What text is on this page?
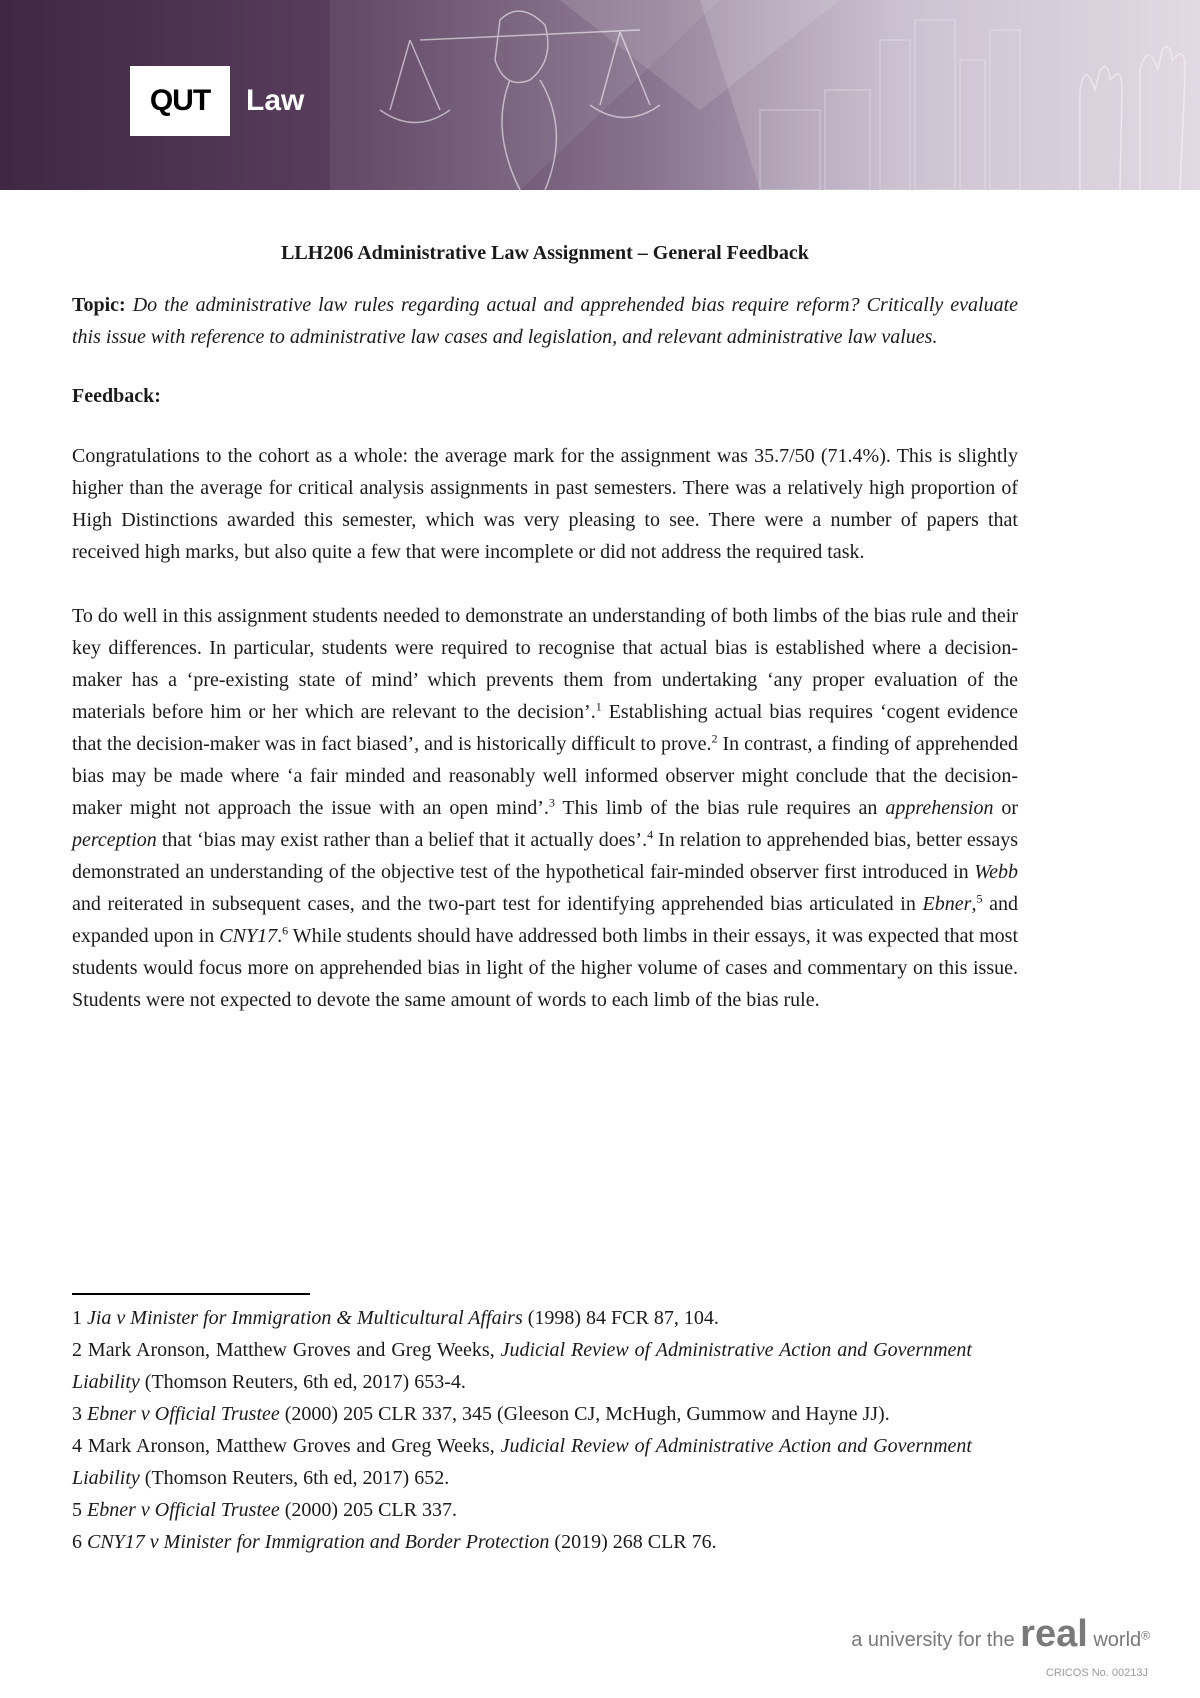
QUT	Law
LLH206 Administrative Law Assignment – General Feedback

Topic: Do the administrative law rules regarding actual and apprehended bias require reform? Critically evaluate this issue with reference to administrative law cases and legislation, and relevant administrative law values.

Feedback:

Congratulations to the cohort as a whole: the average mark for the assignment was 35.7/50 (71.4%). This is slightly higher than the average for critical analysis assignments in past semesters. There was a relatively high proportion of High Distinctions awarded this semester, which was very pleasing to see. There were a number of papers that received high marks, but also quite a few that were incomplete or did not address the required task.

To do well in this assignment students needed to demonstrate an understanding of both limbs of the bias rule and their key differences. In particular, students were required to recognise that actual bias is established where a decision-maker has a ‘pre-existing state of mind’ which prevents them from undertaking ‘any proper evaluation of the materials before him or her which are relevant to the decision’.$^1$ Establishing actual bias requires ‘cogent evidence that the decision-maker was in fact biased’, and is historically difficult to prove.$^2$ In contrast, a finding of apprehended bias may be made where ‘a fair minded and reasonably well informed observer might conclude that the decision-maker might not approach the issue with an open mind’.$^3$ This limb of the bias rule requires an apprehension or perception that ‘bias may exist rather than a belief that it actually does’.$^4$ In relation to apprehended bias, better essays demonstrated an understanding of the objective test of the hypothetical fair-minded observer first introduced in Webb and reiterated in subsequent cases, and the two-part test for identifying apprehended bias articulated in Ebner,$^5$ and expanded upon in CNY17.$^6$ While students should have addressed both limbs in their essays, it was expected that most students would focus more on apprehended bias in light of the higher volume of cases and commentary on this issue. Students were not expected to devote the same amount of words to each limb of the bias rule.

1 Jia v Minister for Immigration & Multicultural Affairs (1998) 84 FCR 87, 104.

2 Mark Aronson, Matthew Groves and Greg Weeks, Judicial Review of Administrative Action and Government Liability (Thomson Reuters, 6th ed, 2017) 653-4.

3 Ebner v Official Trustee (2000) 205 CLR 337, 345 (Gleeson CJ, McHugh, Gummow and Hayne JJ).

4 Mark Aronson, Matthew Groves and Greg Weeks, Judicial Review of Administrative Action and Government Liability (Thomson Reuters, 6th ed, 2017) 652.

5 Ebner v Official Trustee (2000) 205 CLR 337.

6 CNY17 v Minister for Immigration and Border Protection (2019) 268 CLR 76.

a university for the real world®
CRICOS No. 00213J
